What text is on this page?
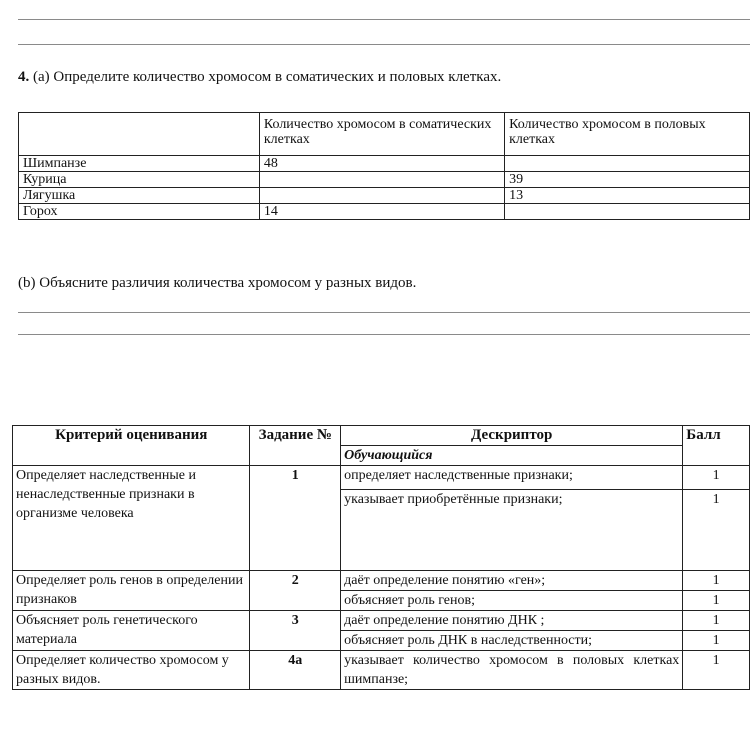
4. (a) Определите количество хромосом в соматических и половых клетках.
	Количество хромосом в соматических клетках	Количество хромосом в половых клетках
Шимпанзе	48	
Курица		39
Лягушка		13
Горох	14	
(b) Объясните различия количества хромосом у разных видов.
Критерий оценивания	Задание №	Дескриптор	Балл
		Обучающийся	
Определяет наследственные и ненаследственные признаки в организме человека	1	определяет наследственные признаки;	1
		указывает приобретённые признаки;	1
Определяет роль генов в определении признаков	2	даёт определение понятию «ген»;	1
		объясняет роль генов;	1
Объясняет роль генетического материала	3	даёт определение понятию ДНК ;	1
		объясняет роль ДНК в наследственности;	1
Определяет количество хромосом у разных видов.	4а	указывает количество хромосом в половых клетках шимпанзе;	1
